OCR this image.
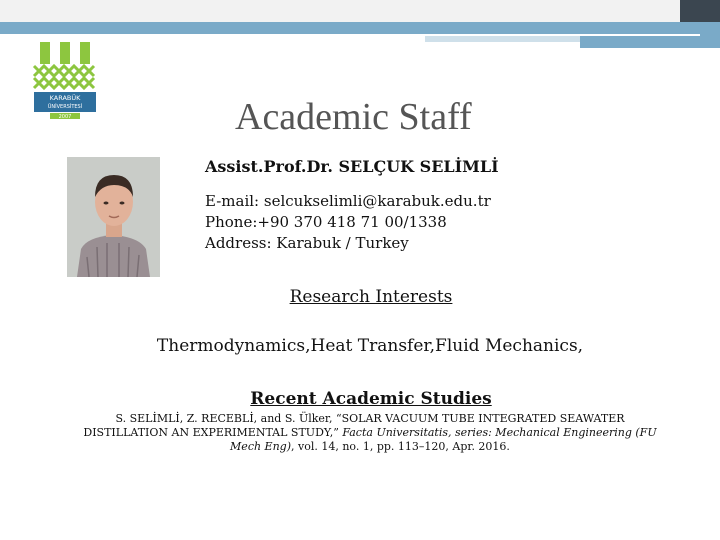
KARABÜK
ÜNİVERSİTESİ
2007	Academic Staff
Assist.Prof.Dr. SELÇUK SELİMLİ
E-mail: selcukselimli@karabuk.edu.tr
Phone:+90 370 418 71 00/1338
Address: Karabuk / Turkey
Research Interests
Thermodynamics,Heat Transfer,Fluid Mechanics,
Recent Academic Studies
S. SELİMLİ, Z. RECEBLİ, and S. Ülker, “SOLAR VACUUM TUBE INTEGRATED SEAWATER DISTILLATION AN EXPERIMENTAL STUDY,” Facta Universitatis, series: Mechanical Engineering (FU Mech Eng), vol. 14, no. 1, pp. 113–120, Apr. 2016.
